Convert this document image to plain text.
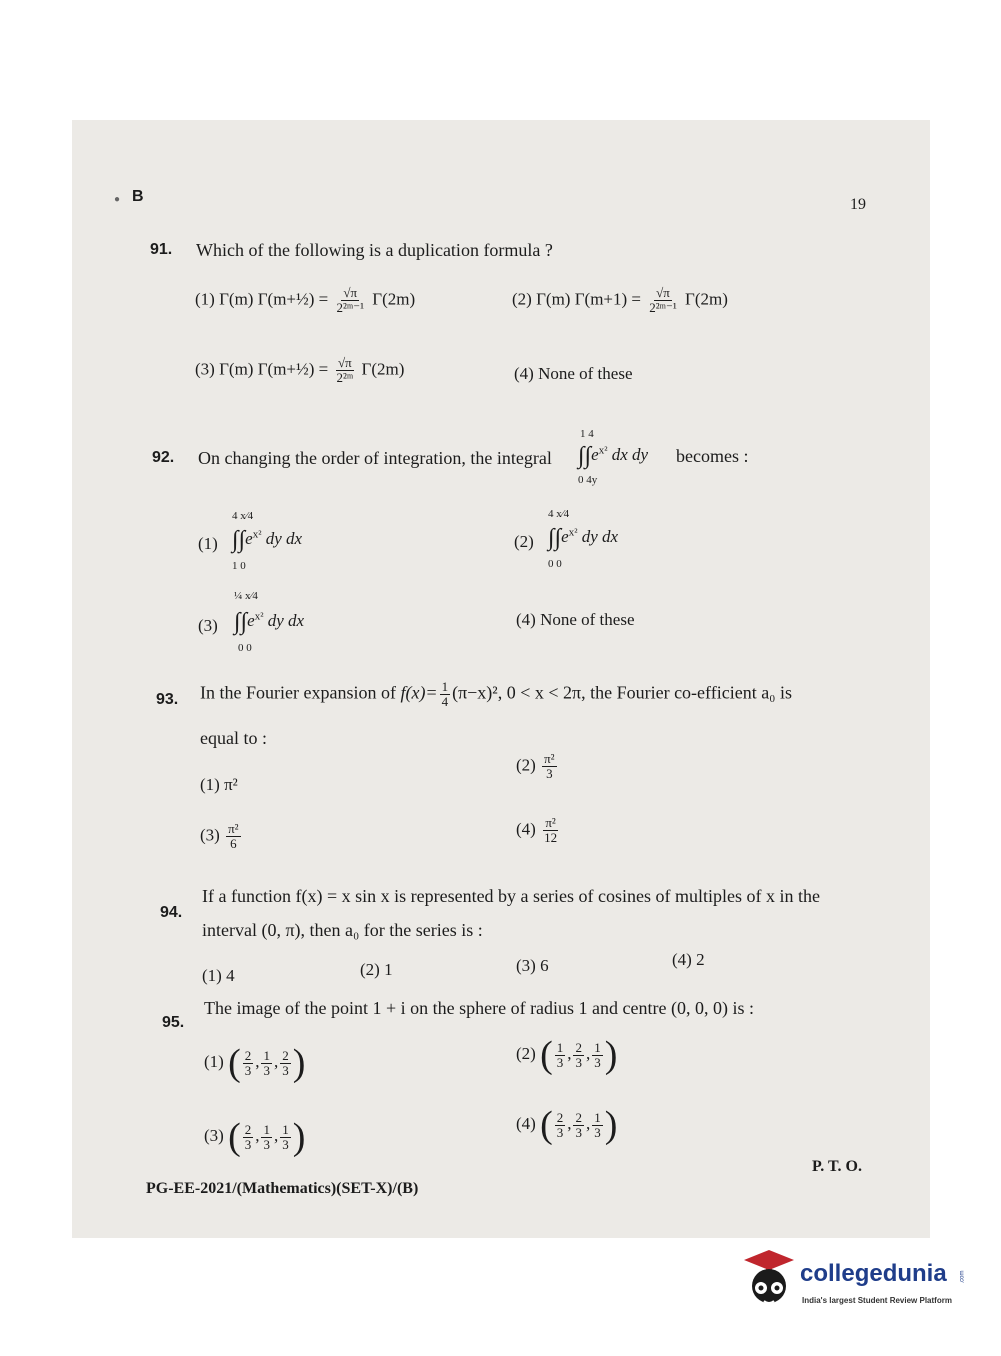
● B	19
91. Which of the following is a duplication formula ?
(1) Γ(m) Γ(m+½) = $\frac{√\pi}{\text{2²ᵐ⁻¹}} \Gamma(2m)$	(2) Γ(m) $\Gamma(m+1) = \frac{√\pi}{\text{2²ᵐ⁻¹}} \Gamma(2m)$
(3) Γ(m) Γ(m+½) = $\frac{√\pi}{\text{2²ᵐ}} \Gamma(2m)$	(4) None of these
92. On changing the order of integration, the integral
1 4
$\int\int e^{x^2}$ dx dy
0 4y
becomes :
(1)
4 x⁄4
$\int\int e^{x^2}$ dy dx
1 0
(2)
4 x⁄4
$\int\int e^{x^2}$ dy dx
0 0
(3)
¼ x⁄4
$\int\int e^{x^2}$ dy dx
0 0
(4) None of these
93. In the Fourier expansion of $f(x)= \frac{1}{4} (\pi-x)^2$, 0 < x < 2π, the Fourier co-efficient a₀ is
equal to :
(1) π²
$(2) \frac{\text{π²}}{3}$
$(3) \frac{\text{π²}}{6}$	$(4) \frac{\text{π²}}{12}$
94.
If a function f(x) = x sin x is represented by a series of cosines of multiples of x in the
interval (0, π), then a₀ for the series is :
(1) 4	(2) 1	(3) 6	(4) 2
95.
The image of the point 1 + i on the sphere of radius 1 and centre (0, 0, 0) is :
(1) ( $\frac{2}{3}$ , $\frac{1}{3}$ , $\frac{2}{3}$ )	(2) ( $\frac{1}{3}$ , $\frac{2}{3}$ , $\frac{1}{3}$ )
(3) ( $\frac{2}{3}$ , $\frac{1}{3}$ , $\frac{1}{3}$ )	(4) ( $\frac{2}{3}$ , $\frac{2}{3}$ , $\frac{1}{3}$ )
PG-EE-2021/(Mathematics)(SET-X)/(B)
P. T. O.
collegedunia .com
India's largest Student Review Platform
